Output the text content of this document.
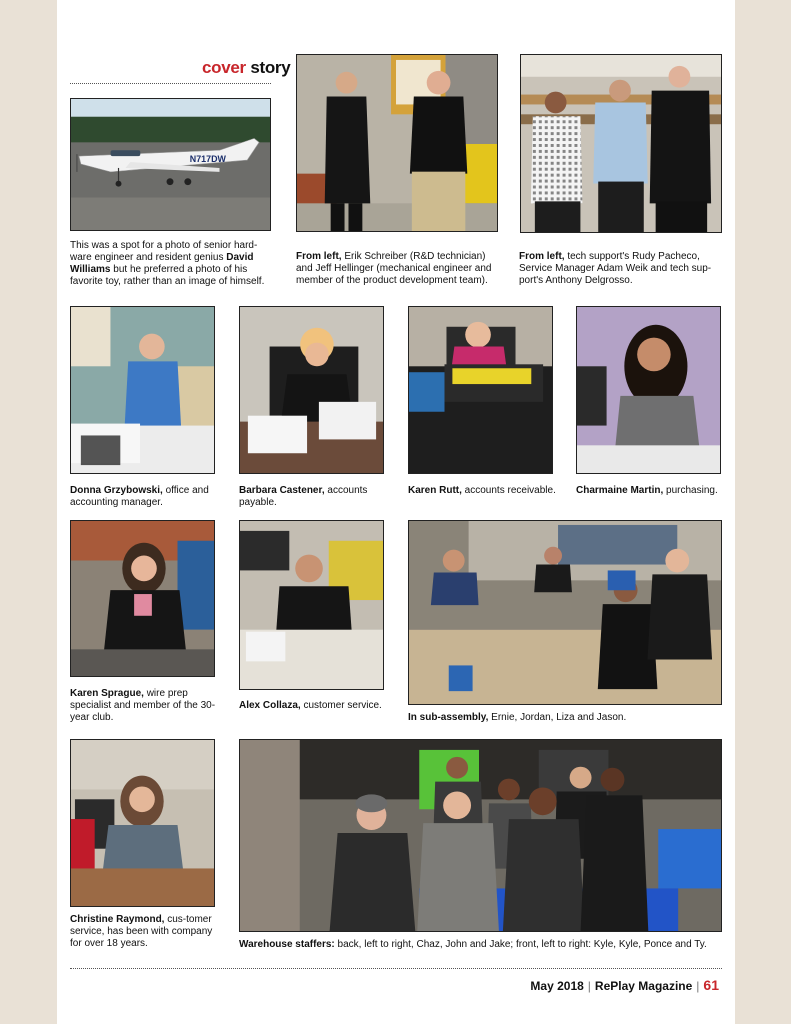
cover story
N717DW
This was a spot for a photo of senior hard-ware engineer and resident genius David Williams but he preferred a photo of his favorite toy, rather than an image of himself.
From left, Erik Schreiber (R&D technician) and Jeff Hellinger (mechanical engineer and member of the product development team).
From left, tech support's Rudy Pacheco, Service Manager Adam Weik and tech sup-port's Anthony Delgrosso.
Donna Grzybowski, office and accounting manager.
Barbara Castener, accounts payable.
Karen Rutt, accounts receivable. Charmaine Martin, purchasing.
Karen Sprague, wire prep specialist and member of the 30-year club.
Alex Collaza, customer service.
In sub-assembly, Ernie, Jordan, Liza and Jason.
Christine Raymond, cus-tomer service, has been with company for over 18 years.	Warehouse staffers: back, left to right, Chaz, John and Jake; front, left to right: Kyle, Kyle, Ponce and Ty.
May 2018 | RePlay Magazine | 61
